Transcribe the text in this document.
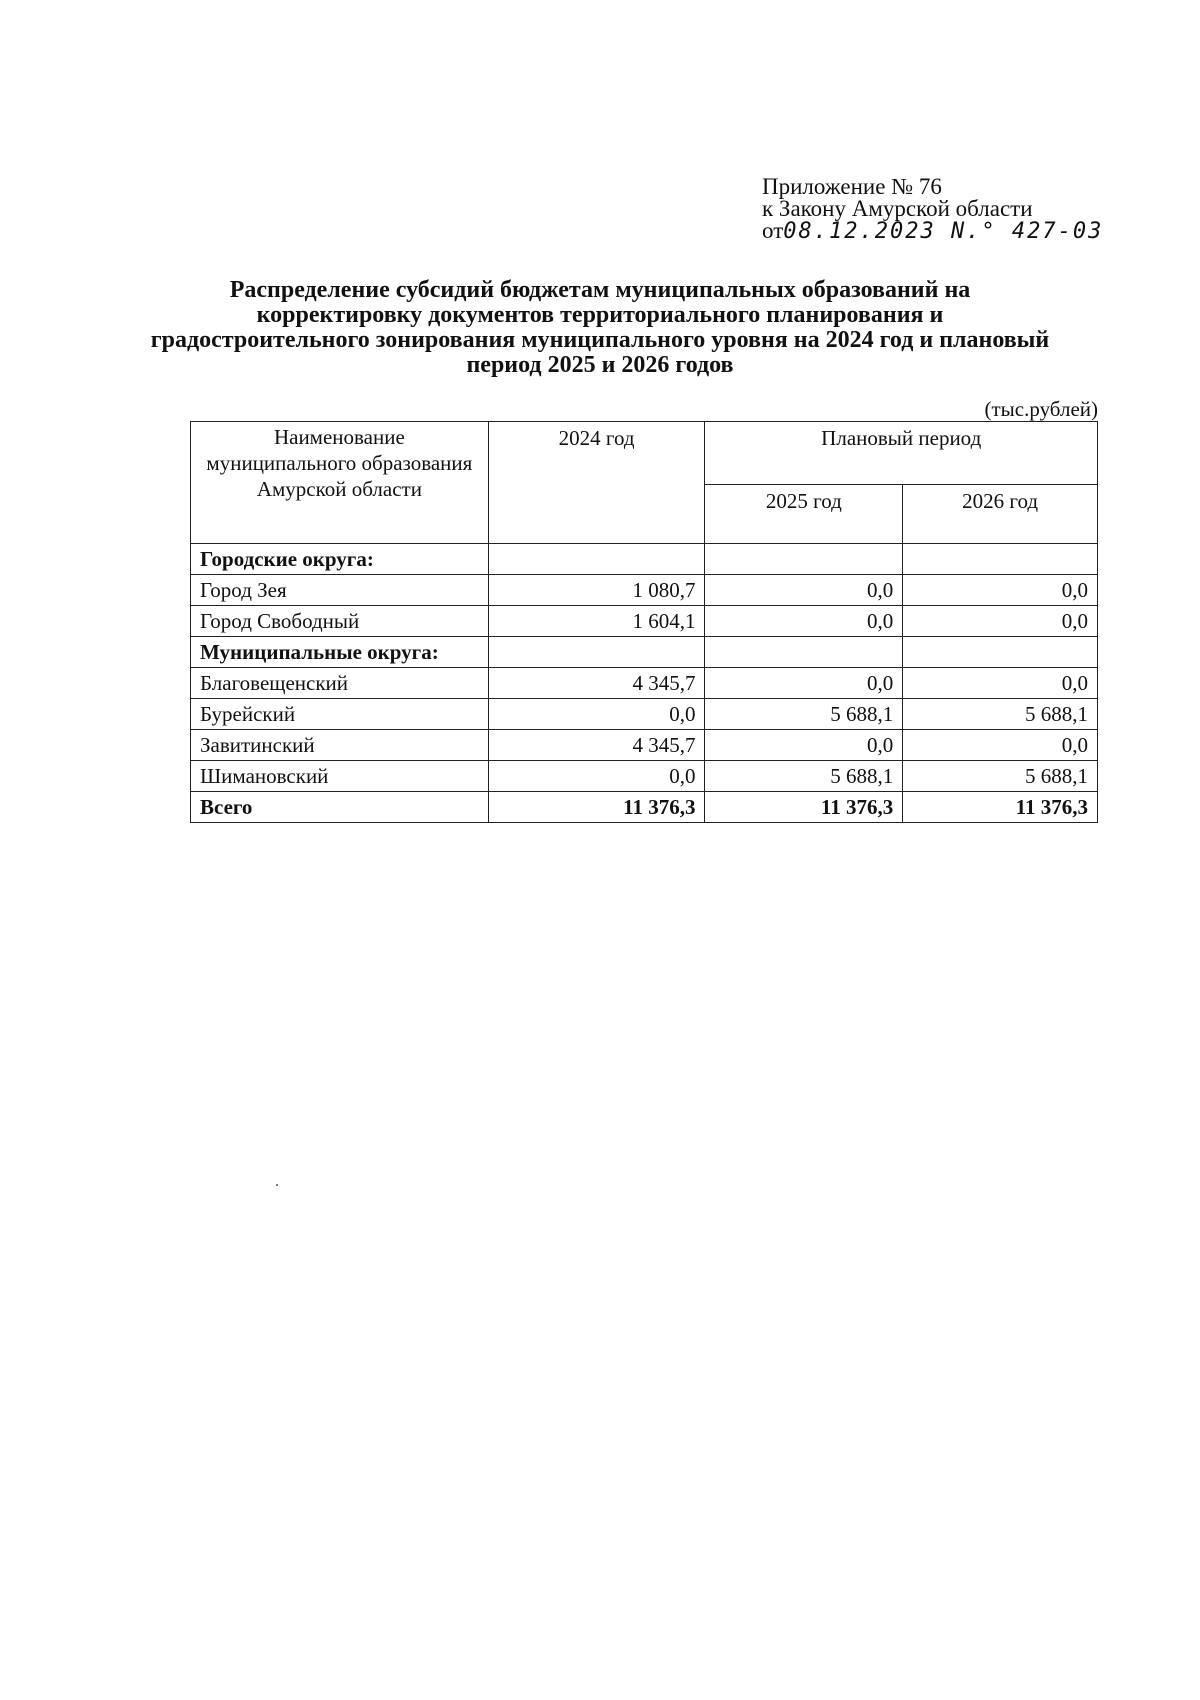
Приложение № 76
к Закону Амурской области
от08.12.2023 N.° 427-03
Распределение субсидий бюджетам муниципальных образований на корректировку документов территориального планирования и градостроительного зонирования муниципального уровня на 2024 год и плановый период 2025 и 2026 годов
(тыс.рублей)
Наименование муниципального образования Амурской области	2024 год	Плановый период	
		2025 год	2026 год
Городские округа:			
Город Зея	1 080,7	0,0	0,0
Город Свободный	1 604,1	0,0	0,0
Муниципальные округа:			
Благовещенский	4 345,7	0,0	0,0
Бурейский	0,0	5 688,1	5 688,1
Завитинский	4 345,7	0,0	0,0
Шимановский	0,0	5 688,1	5 688,1
Всего	11 376,3	11 376,3	11 376,3
